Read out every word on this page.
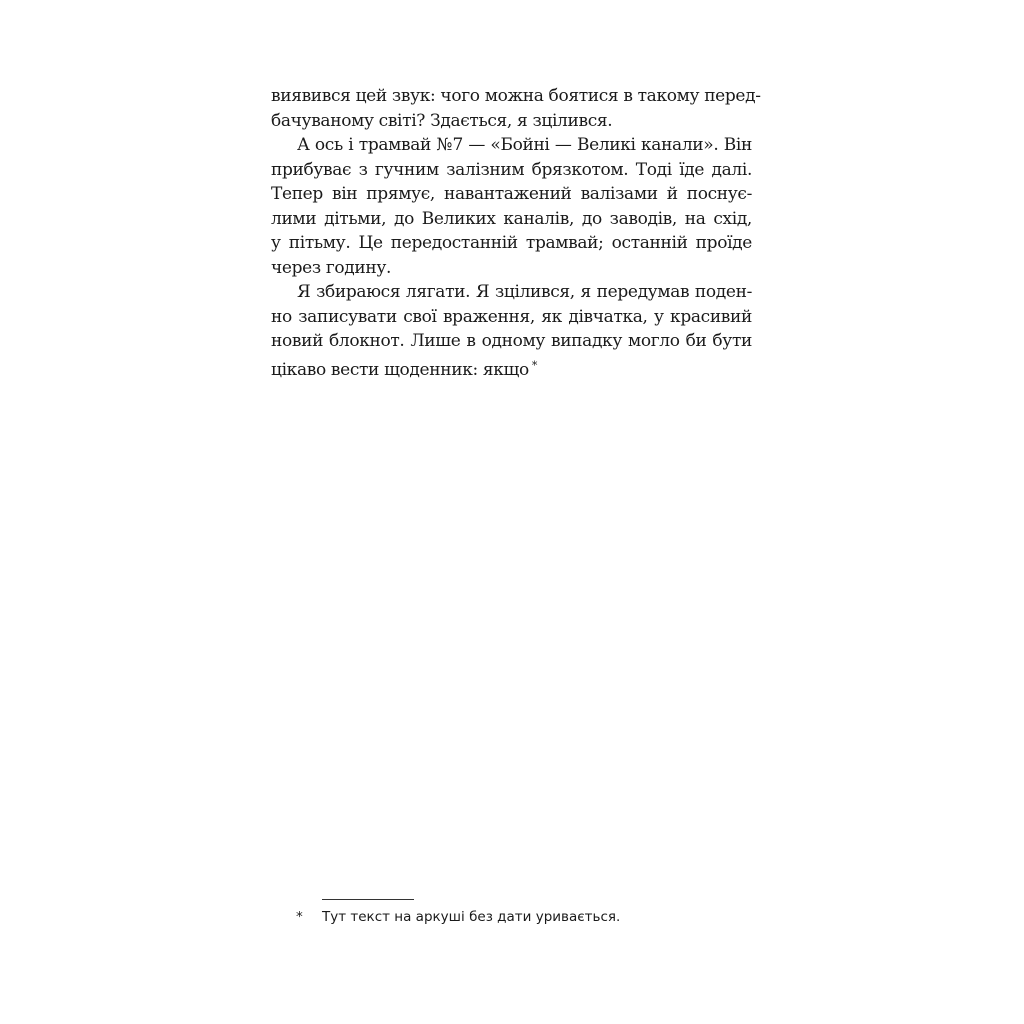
виявився цей звук: чого можна боятися в такому перед-
бачуваному світі? Здається, я зцілився.
А ось і трамвай №7 — «Бойні — Великі канали». Він
прибуває з гучним залізним брязкотом. Тоді їде далі.
Тепер він прямує, навантажений валізами й поснує-
лими дітьми, до Великих каналів, до заводів, на схід,
у пітьму. Це передостанній трамвай; останній проїде
через годину.
Я збираюся лягати. Я зцілився, я передумав поден-
но записувати свої враження, як дівчатка, у красивий
новий блокнот. Лише в одному випадку могло би бути
цікаво вести щоденник: якщо *
* Тут текст на аркуші без дати уривається.
